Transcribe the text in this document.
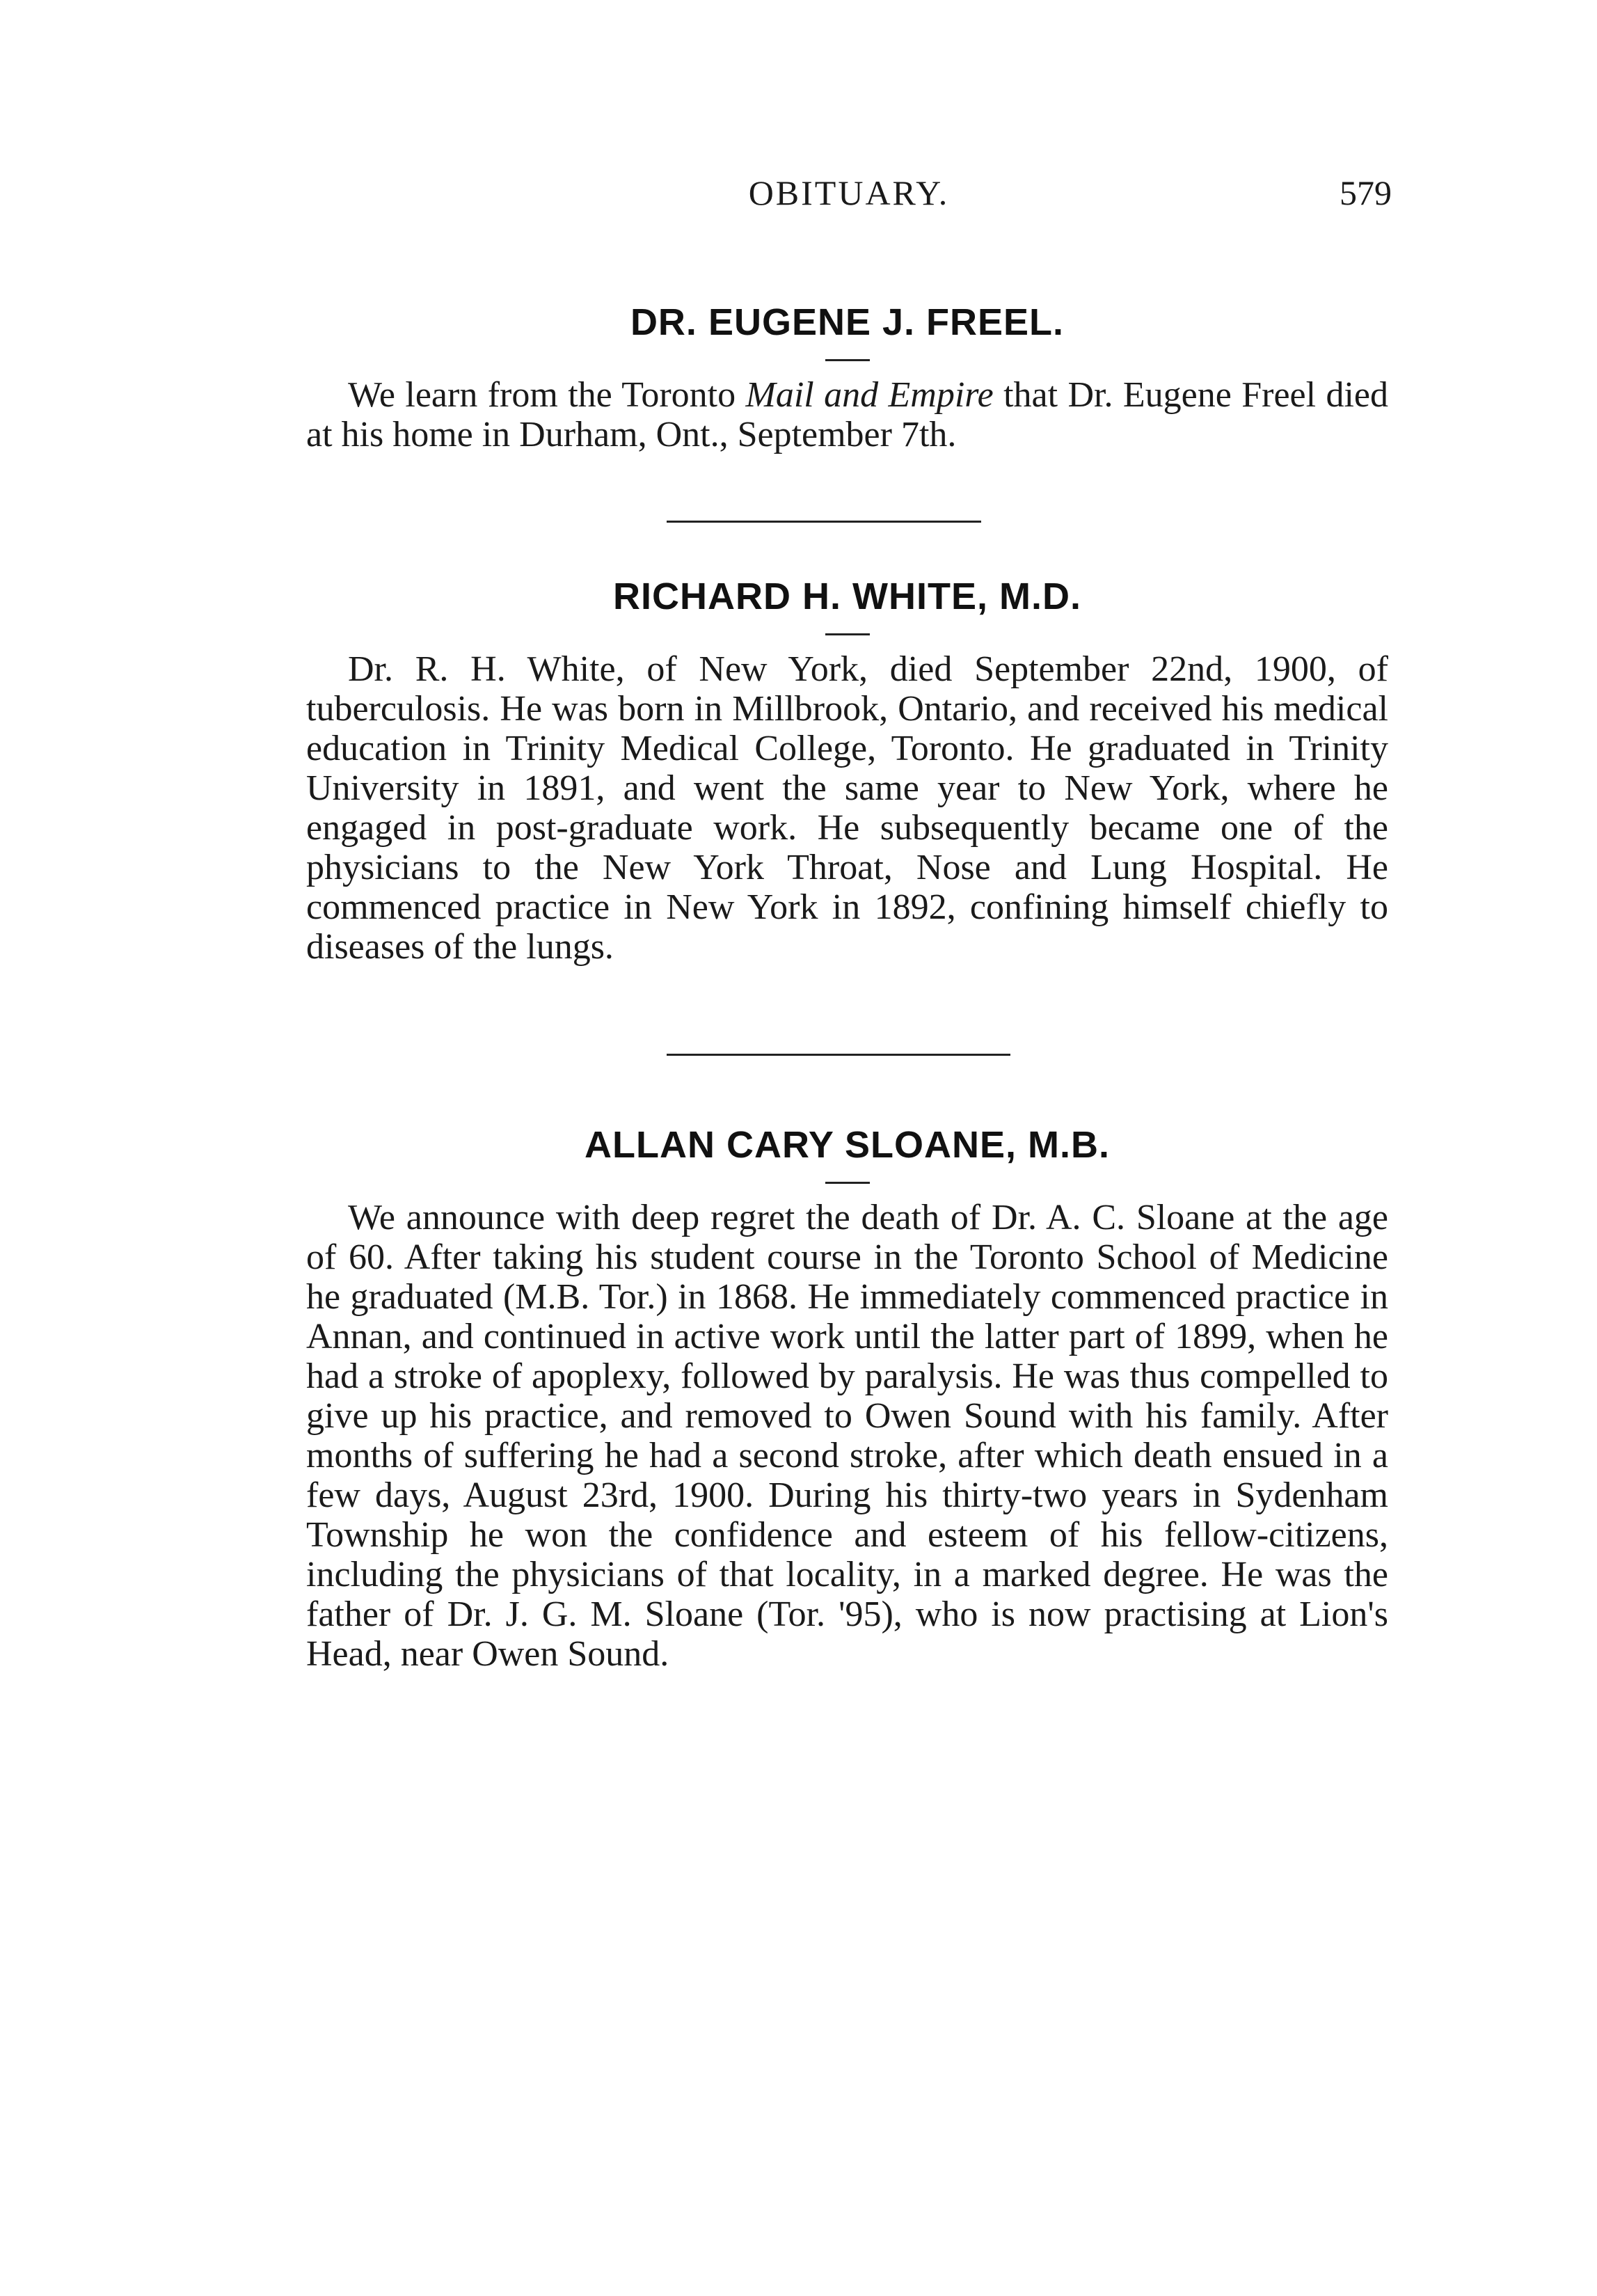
OBITUARY.	579
DR. EUGENE J. FREEL.

We learn from the Toronto Mail and Empire that Dr. Eugene Freel died at his home in Durham, Ont., September 7th.

RICHARD H. WHITE, M.D.

Dr. R. H. White, of New York, died September 22nd, 1900, of tuberculosis. He was born in Millbrook, Ontario, and received his medical education in Trinity Medical College, Toronto. He graduated in Trinity University in 1891, and went the same year to New York, where he engaged in post-graduate work. He subsequently became one of the physicians to the New York Throat, Nose and Lung Hospital. He commenced practice in New York in 1892, confining himself chiefly to diseases of the lungs.

ALLAN CARY SLOANE, M.B.

We announce with deep regret the death of Dr. A. C. Sloane at the age of 60. After taking his student course in the Toronto School of Medicine he graduated (M.B. Tor.) in 1868. He immediately commenced practice in Annan, and continued in active work until the latter part of 1899, when he had a stroke of apoplexy, followed by paralysis. He was thus compelled to give up his practice, and removed to Owen Sound with his family. After months of suffering he had a second stroke, after which death ensued in a few days, August 23rd, 1900. During his thirty-two years in Sydenham Township he won the confidence and esteem of his fellow-citizens, including the physicians of that locality, in a marked degree. He was the father of Dr. J. G. M. Sloane (Tor. '95), who is now practising at Lion's Head, near Owen Sound.
